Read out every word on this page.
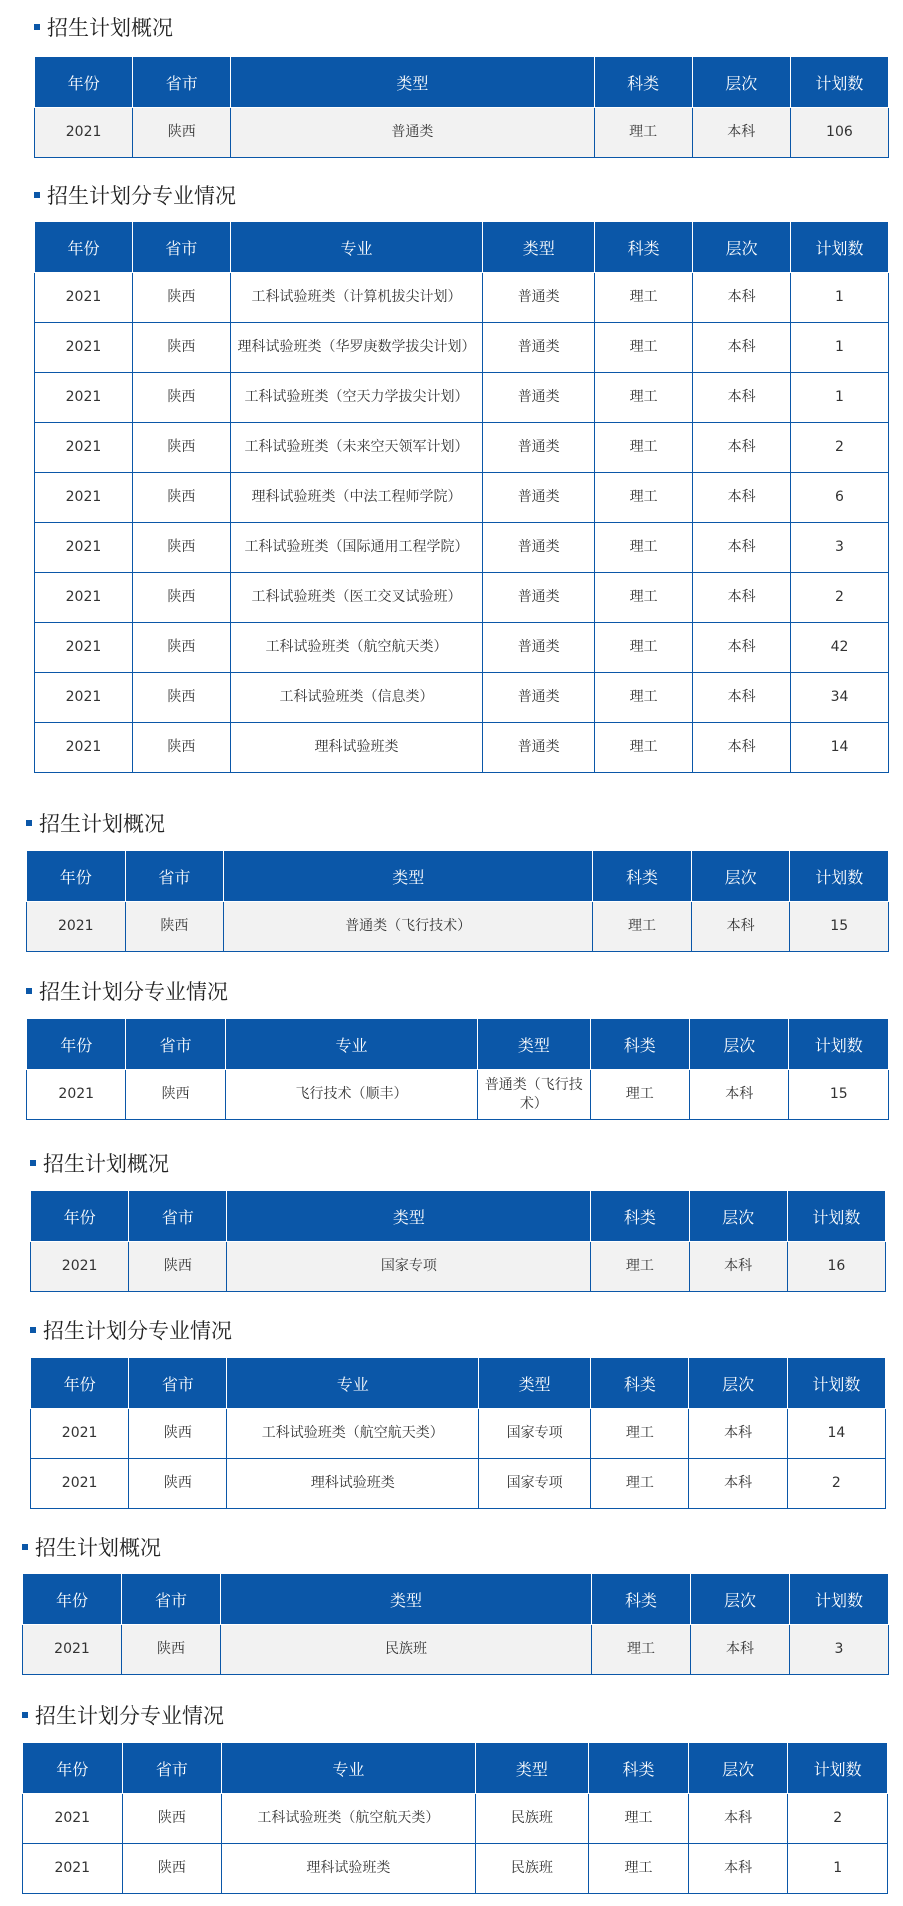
招生计划概况
年份	省市	类型	科类	层次	计划数
2021	陕西	普通类	理工	本科	106
招生计划分专业情况
年份	省市	专业	类型	科类	层次	计划数
2021	陕西	工科试验班类（计算机拔尖计划）	普通类	理工	本科	1
2021	陕西	理科试验班类（华罗庚数学拔尖计划）	普通类	理工	本科	1
2021	陕西	工科试验班类（空天力学拔尖计划）	普通类	理工	本科	1
2021	陕西	工科试验班类（未来空天领军计划）	普通类	理工	本科	2
2021	陕西	理科试验班类（中法工程师学院）	普通类	理工	本科	6
2021	陕西	工科试验班类（国际通用工程学院）	普通类	理工	本科	3
2021	陕西	工科试验班类（医工交叉试验班）	普通类	理工	本科	2
2021	陕西	工科试验班类（航空航天类）	普通类	理工	本科	42
2021	陕西	工科试验班类（信息类）	普通类	理工	本科	34
2021	陕西	理科试验班类	普通类	理工	本科	14
招生计划概况
年份	省市	类型	科类	层次	计划数
2021	陕西	普通类（飞行技术）	理工	本科	15
招生计划分专业情况
年份	省市	专业	类型	科类	层次	计划数
2021	陕西	飞行技术（顺丰）	普通类（飞行技术）	理工	本科	15
招生计划概况
年份	省市	类型	科类	层次	计划数
2021	陕西	国家专项	理工	本科	16
招生计划分专业情况
年份	省市	专业	类型	科类	层次	计划数
2021	陕西	工科试验班类（航空航天类）	国家专项	理工	本科	14
2021	陕西	理科试验班类	国家专项	理工	本科	2
招生计划概况
年份	省市	类型	科类	层次	计划数
2021	陕西	民族班	理工	本科	3
招生计划分专业情况
年份	省市	专业	类型	科类	层次	计划数
2021	陕西	工科试验班类（航空航天类）	民族班	理工	本科	2
2021	陕西	理科试验班类	民族班	理工	本科	1
